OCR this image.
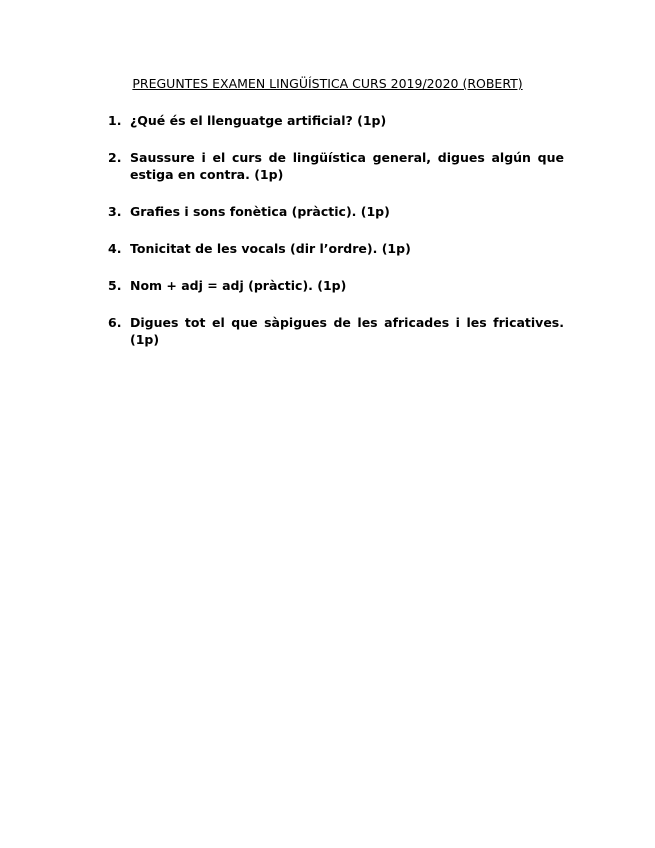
PREGUNTES EXAMEN LINGÜÍSTICA CURS 2019/2020 (ROBERT)
1. ¿Qué és el llenguatge artificial? (1p)
2. Saussure i el curs de lingüística general, digues algún que estiga en contra. (1p)
3. Grafies i sons fonètica (pràctic). (1p)
4. Tonicitat de les vocals (dir l’ordre). (1p)
5. Nom + adj = adj (pràctic). (1p)
6. Digues tot el que sàpigues de les africades i les fricatives. (1p)
